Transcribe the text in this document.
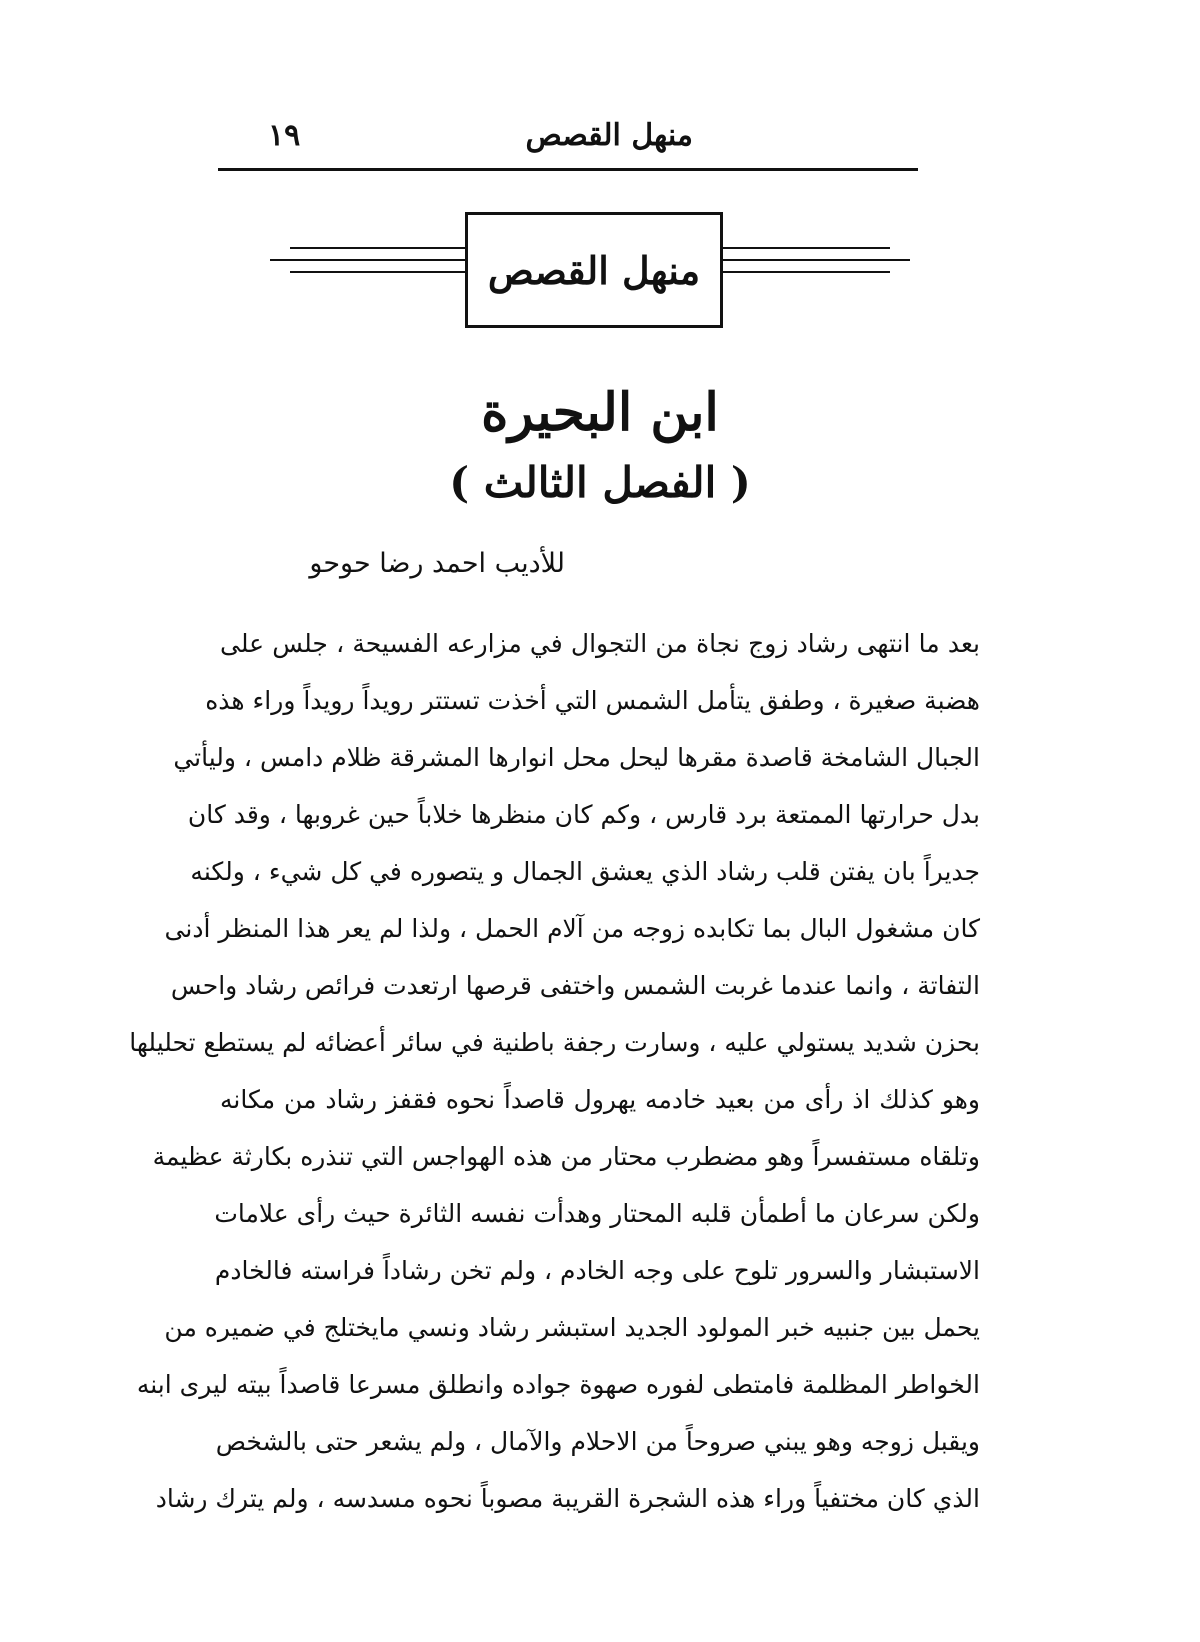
منهل القصص
١٩
منهل القصص
ابن البحيرة
( الفصل الثالث )
للأديب احمد رضا حوحو
بعد ما انتهى رشاد زوج نجاة من التجوال في مزارعه الفسيحة ، جلس على
هضبة صغيرة ، وطفق يتأمل الشمس التي أخذت تستتر رويداً رويداً وراء هذه
الجبال الشامخة قاصدة مقرها ليحل محل انوارها المشرقة ظلام دامس ، وليأتي
بدل حرارتها الممتعة برد قارس ، وكم كان منظرها خلاباً حين غروبها ، وقد كان
جديراً بان يفتن قلب رشاد الذي يعشق الجمال و يتصوره في كل شيء ، ولكنه
كان مشغول البال بما تكابده زوجه من آلام الحمل ، ولذا لم يعر هذا المنظر أدنى
التفاتة ، وانما عندما غربت الشمس واختفى قرصها ارتعدت فرائص رشاد واحس
بحزن شديد يستولي عليه ، وسارت رجفة باطنية في سائر أعضائه لم يستطع تحليلها
وهو كذلك اذ رأى من بعيد خادمه يهرول قاصداً نحوه فقفز رشاد من مكانه
وتلقاه مستفسراً وهو مضطرب محتار من هذه الهواجس التي تنذره بكارثة عظيمة
ولكن سرعان ما أطمأن قلبه المحتار وهدأت نفسه الثائرة حيث رأى علامات
الاستبشار والسرور تلوح على وجه الخادم ، ولم تخن رشاداً فراسته فالخادم
يحمل بين جنبيه خبر المولود الجديد استبشر رشاد ونسي مايختلج في ضميره من
الخواطر المظلمة فامتطى لفوره صهوة جواده وانطلق مسرعا قاصداً بيته ليرى ابنه
ويقبل زوجه وهو يبني صروحاً من الاحلام والآمال ، ولم يشعر حتى بالشخص
الذي كان مختفياً وراء هذه الشجرة القريبة مصوباً نحوه مسدسه ، ولم يترك رشاد
